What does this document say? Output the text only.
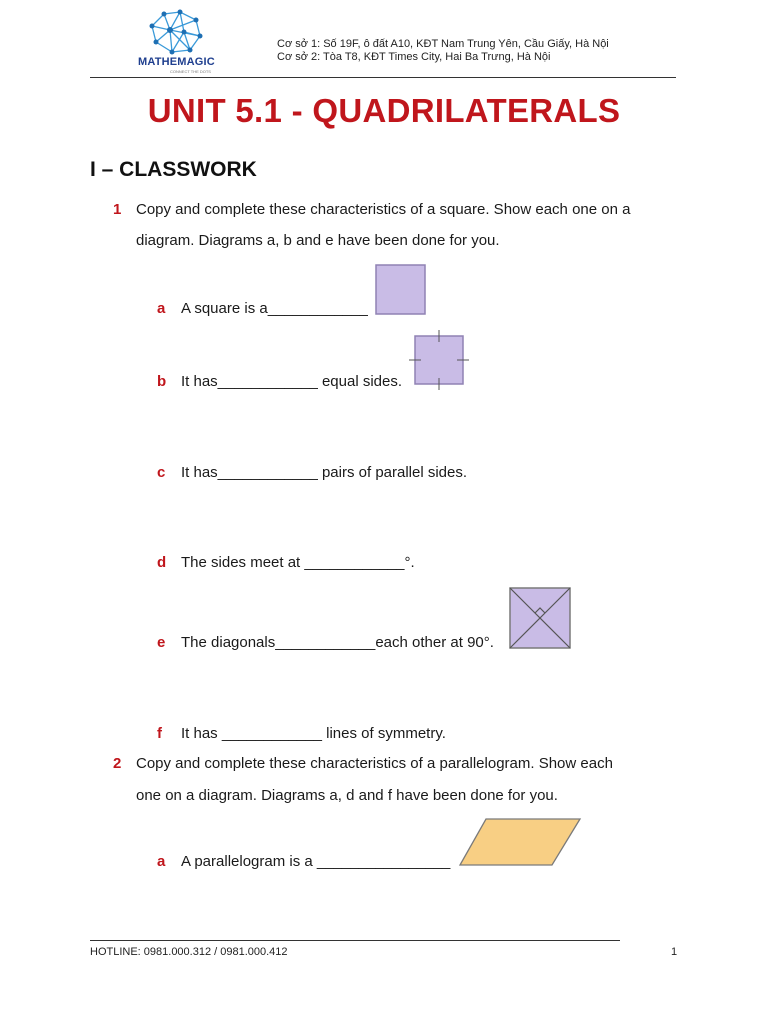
MATHEMAGIC
CONNECT THE DOTS
Cơ sở 1: Số 19F, ô đất A10, KĐT Nam Trung Yên, Cầu Giấy, Hà Nội
Cơ sở 2: Tòa T8, KĐT Times City, Hai Ba Trưng, Hà Nội
UNIT 5.1 - QUADRILATERALS
I – CLASSWORK
1 Copy and complete these characteristics of a square. Show each one on a
diagram. Diagrams a, b and e have been done for you.
a A square is a____________
b It has____________ equal sides.
c It has____________ pairs of parallel sides.
d The sides meet at ____________°.
e The diagonals____________each other at 90°.
f It has ____________ lines of symmetry.
2 Copy and complete these characteristics of a parallelogram. Show each
one on a diagram. Diagrams a, d and f have been done for you.
a A parallelogram is a ________________
HOTLINE: 0981.000.312 / 0981.000.412	1
